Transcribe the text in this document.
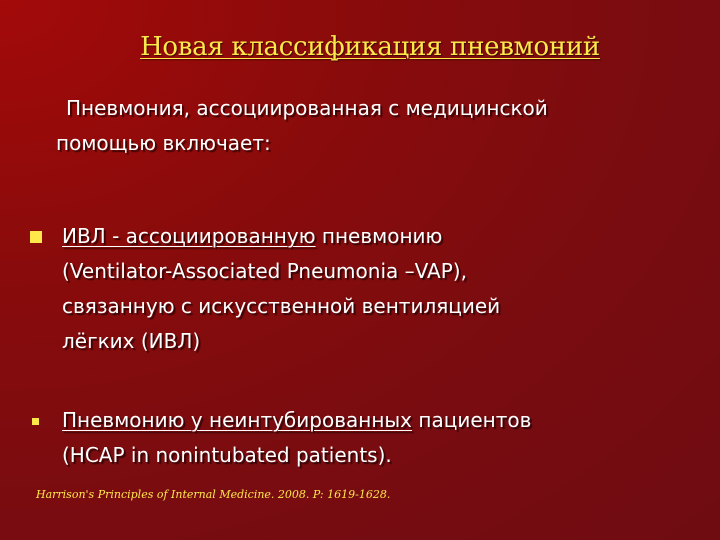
Новая классификация пневмоний
Пневмония, ассоциированная с медицинской
помощью включает:
ИВЛ - ассоциированную пневмонию
(Ventilator-Associated Pneumonia –VAP),
связанную с искусственной вентиляцией
лёгких (ИВЛ)
Пневмонию у неинтубированных пациентов
(HCAP in nonintubated patients).
Harrison's Principles of Internal Medicine. 2008. P: 1619-1628.
